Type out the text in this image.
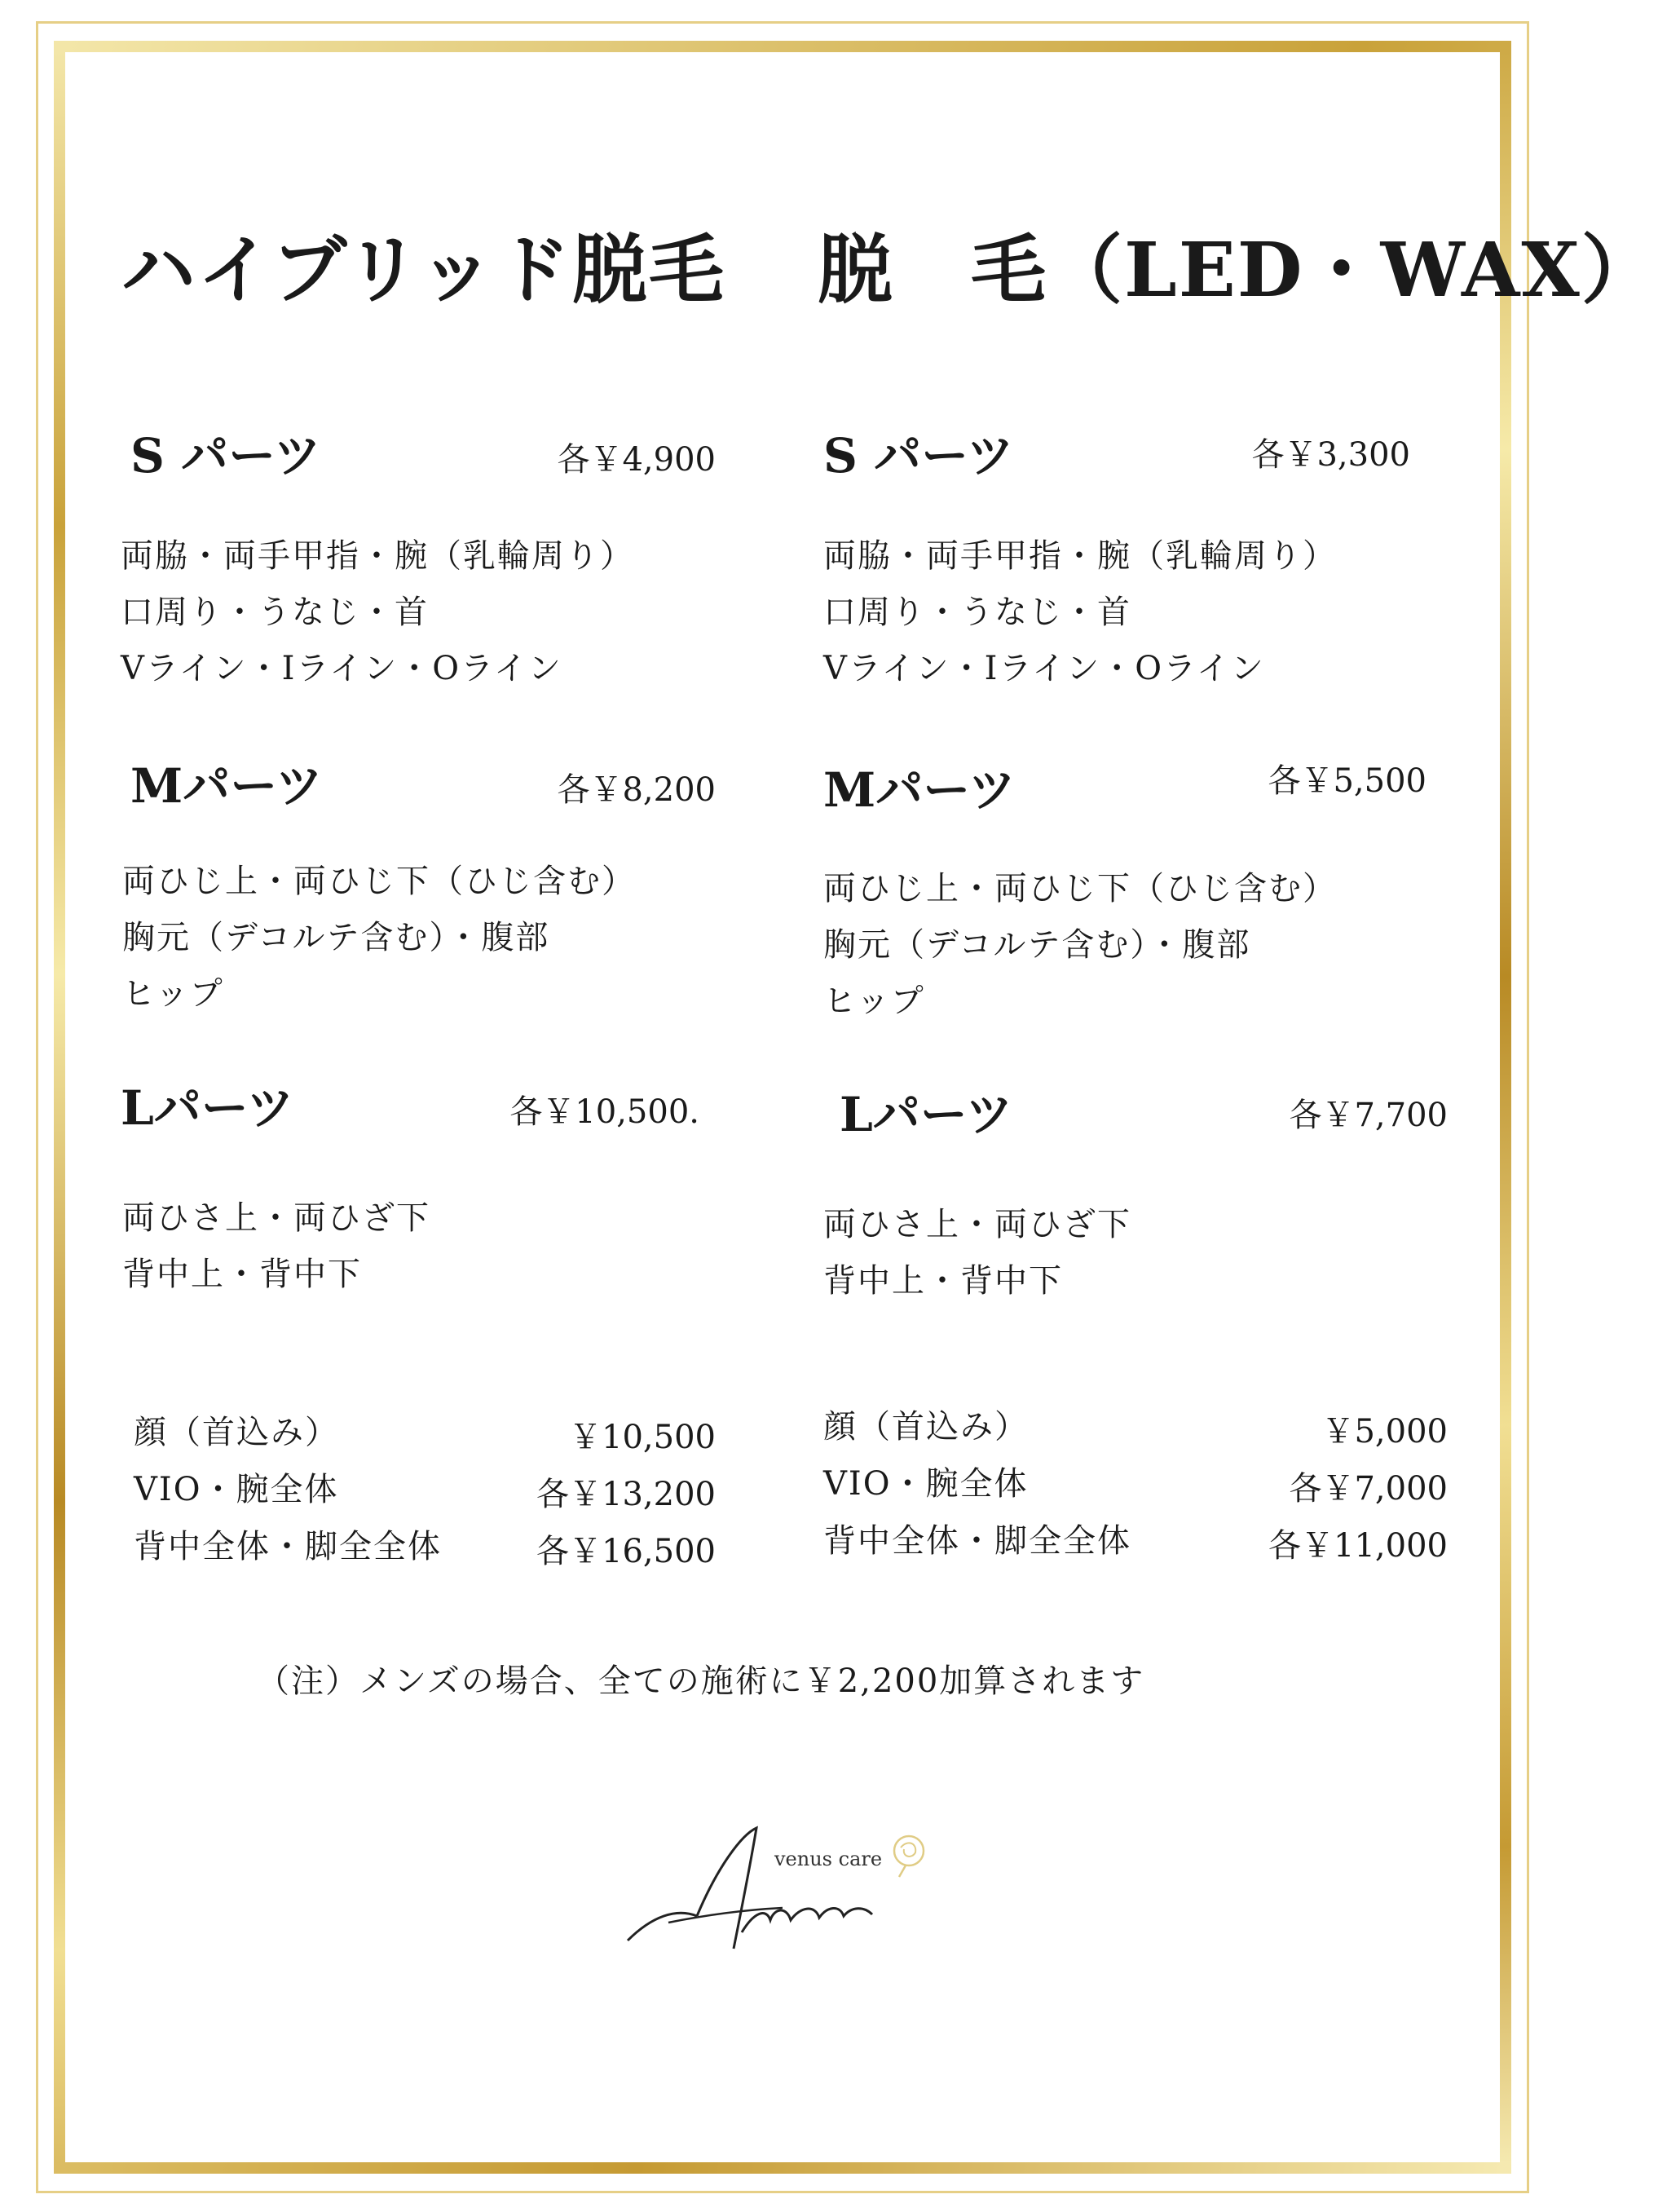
ハイブリッド脱毛 脱　毛（LED・WAX）
S パーツ	各￥4,900
両脇・両手甲指・腕（乳輪周り）
口周り・うなじ・首
Vライン・Iライン・Oライン
Mパーツ	各￥8,200
両ひじ上・両ひじ下（ひじ含む）
胸元（デコルテ含む）・腹部
ヒップ
Lパーツ	各￥10,500.
両ひさ上・両ひざ下
背中上・背中下
顔（首込み）	￥10,500
VIO・腕全体	各￥13,200
背中全体・脚全全体	各￥16,500
S パーツ	各￥3,300
両脇・両手甲指・腕（乳輪周り）
口周り・うなじ・首
Vライン・Iライン・Oライン
Mパーツ	各￥5,500
両ひじ上・両ひじ下（ひじ含む）
胸元（デコルテ含む）・腹部
ヒップ
Lパーツ	各￥7,700
両ひさ上・両ひざ下
背中上・背中下
顔（首込み）	￥5,000
VIO・腕全体	各￥7,000
背中全体・脚全全体	各￥11,000
（注）メンズの場合、全ての施術に￥2,200加算されます
venus care
